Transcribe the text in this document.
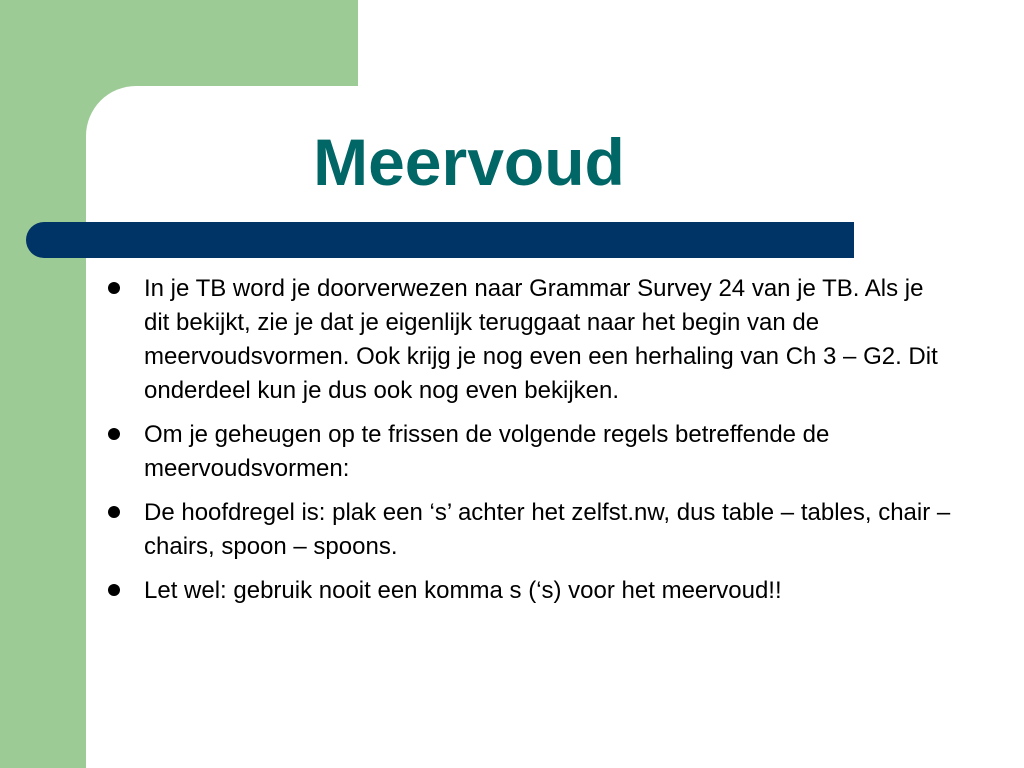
Meervoud
In je TB word je doorverwezen naar Grammar Survey 24 van je TB. Als je dit bekijkt, zie je dat je eigenlijk teruggaat naar het begin van de meervoudsvormen. Ook krijg je nog even een herhaling van Ch 3 – G2. Dit onderdeel kun je dus ook nog even bekijken.
Om je geheugen op te frissen de volgende regels betreffende de meervoudsvormen:
De hoofdregel is: plak een ‘s’ achter het zelfst.nw, dus table – tables, chair – chairs, spoon – spoons.
Let wel: gebruik nooit een komma s (‘s) voor het meervoud!!
